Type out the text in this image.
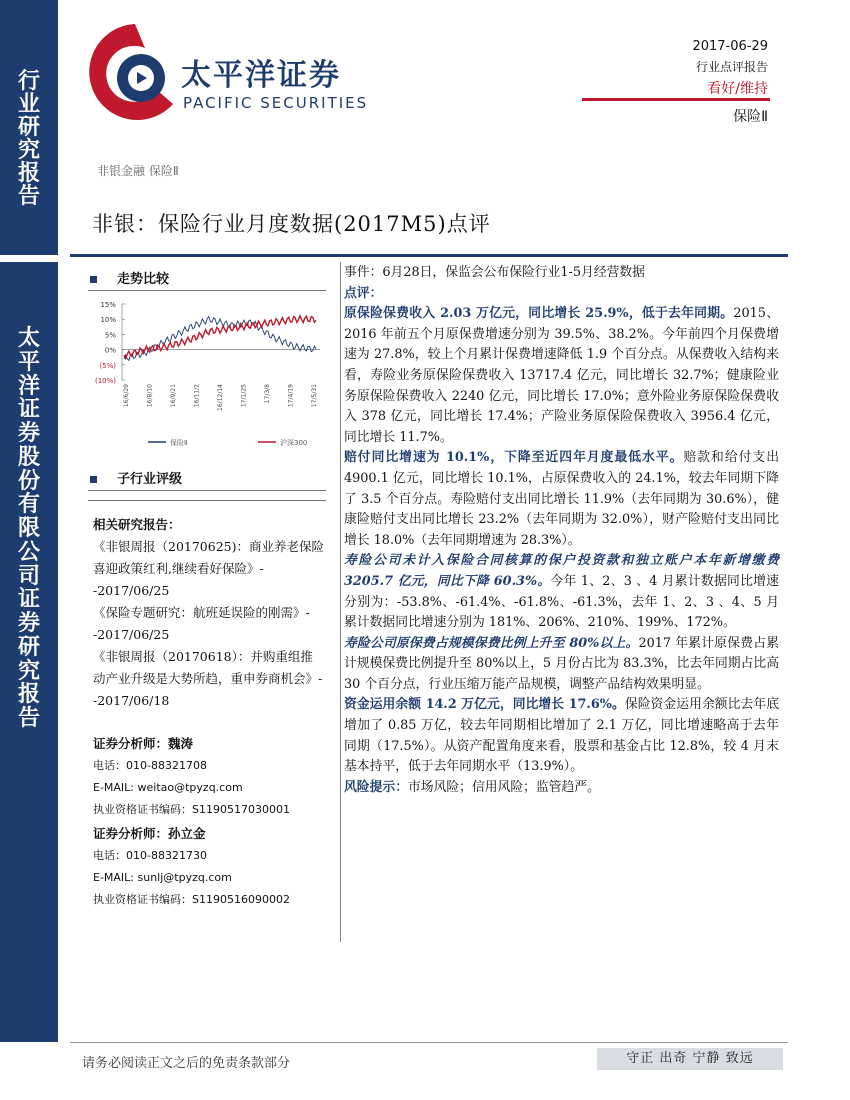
行
业
研
究
报
告
太
平
洋
证
券
股
份
有
限
公
司
证
券
研
究
报
告
太平洋证券
PACIFIC SECURITIES
2017-06-29
行业点评报告
看好/维持
保险Ⅱ
非银金融 保险Ⅱ
非银：保险行业月度数据(2017M5)点评
走势比较
15%
10%
5%
0%
(5%)
(10%)
16/6/29	16/8/10	16/9/21	16/11/2	16/12/14	17/1/25	17/3/8	17/4/19	17/5/31
保险Ⅱ	沪深300
子行业评级
相关研究报告：
《非银周报（20170625)：商业养老保险喜迎政策红利,继续看好保险》--2017/06/25
《保险专题研究：航班延误险的刚需》--2017/06/25
《非银周报（20170618）：并购重组推动产业升级是大势所趋，重申券商机会》--2017/06/18
证券分析师：魏涛
电话：010-88321708
E-MAIL: weitao@tpyzq.com
执业资格证书编码：S1190517030001
证券分析师：孙立金
电话：010-88321730
E-MAIL: sunlj@tpyzq.com
执业资格证书编码：S1190516090002

事件：6月28日，保监会公布保险行业1-5月经营数据

点评：

原保险保费收入 2.03 万亿元，同比增长 25.9%，低于去年同期。2015、2016 年前五个月原保费增速分别为 39.5%、38.2%。今年前四个月保费增速为 27.8%，较上个月累计保费增速降低 1.9 个百分点。从保费收入结构来看，寿险业务原保险保费收入 13717.4 亿元，同比增长 32.7%；健康险业务原保险保费收入 2240 亿元，同比增长 17.0%；意外险业务原保险保费收入 378 亿元，同比增长 17.4%；产险业务原保险保费收入 3956.4 亿元，同比增长 11.7%。

赔付同比增速为 10.1%，下降至近四年月度最低水平。赔款和给付支出 4900.1 亿元，同比增长 10.1%，占原保费收入的 24.1%，较去年同期下降了 3.5 个百分点。寿险赔付支出同比增长 11.9%（去年同期为 30.6%），健康险赔付支出同比增长 23.2%（去年同期为 32.0%），财产险赔付支出同比增长 18.0%（去年同期增速为 28.3%）。

寿险公司未计入保险合同核算的保户投资款和独立账户本年新增缴费 3205.7 亿元，同比下降 60.3%。今年 1、2、3 、4 月累计数据同比增速分别为：-53.8%、-61.4%、-61.8%、-61.3%，去年 1、2、3 、4、5 月累计数据同比增速分别为 181%、206%、210%、199%、172%。

寿险公司原保费占规模保费比例上升至 80%以上。2017 年累计原保费占累计规模保费比例提升至 80%以上，5 月份占比为 83.3%，比去年同期占比高 30 个百分点，行业压缩万能产品规模，调整产品结构效果明显。

资金运用余额 14.2 万亿元，同比增长 17.6%。保险资金运用余额比去年底增加了 0.85 万亿，较去年同期相比增加了 2.1 万亿，同比增速略高于去年同期（17.5%）。从资产配置角度来看，股票和基金占比 12.8%，较 4 月末基本持平，低于去年同期水平（13.9%）。

风险提示：市场风险；信用风险；监管趋严。

请务必阅读正文之后的免责条款部分	守正 出奇 宁静 致远
